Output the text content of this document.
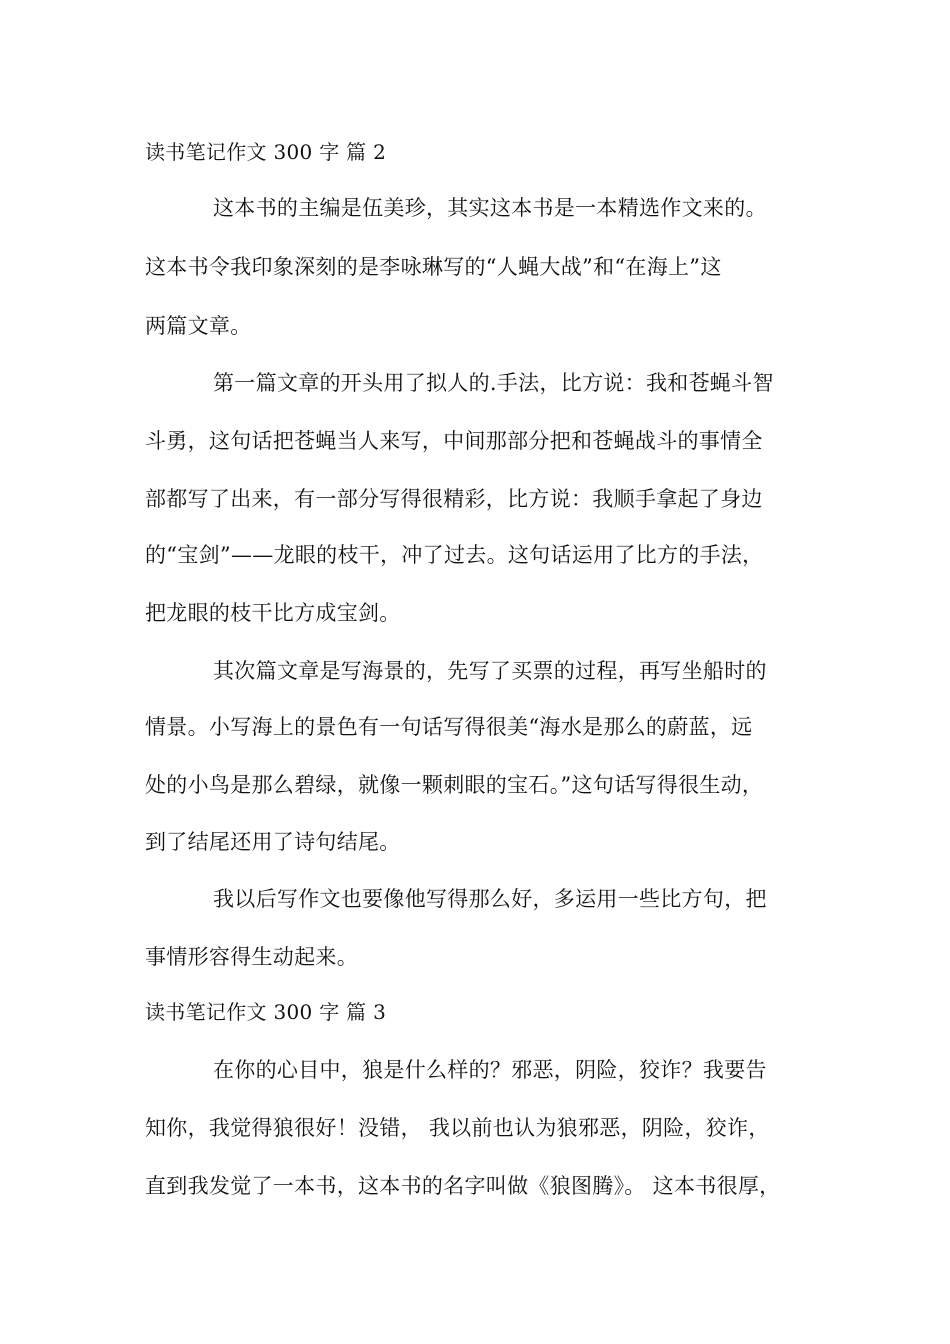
读书笔记作文 300 字 篇 2
这本书的主编是伍美珍，其实这本书是一本精选作文来的。
这本书令我印象深刻的是李咏琳写的“人蝇大战”和“在海上”这
两篇文章。
第一篇文章的开头用了拟人的.手法，比方说：我和苍蝇斗智
斗勇，这句话把苍蝇当人来写，中间那部分把和苍蝇战斗的事情全
部都写了出来，有一部分写得很精彩，比方说：我顺手拿起了身边
的“宝剑”——龙眼的枝干，冲了过去。这句话运用了比方的手法，
把龙眼的枝干比方成宝剑。
其次篇文章是写海景的，先写了买票的过程，再写坐船时的
情景。小写海上的景色有一句话写得很美“海水是那么的蔚蓝，远
处的小鸟是那么碧绿，就像一颗刺眼的宝石。”这句话写得很生动，
到了结尾还用了诗句结尾。
我以后写作文也要像他写得那么好，多运用一些比方句，把
事情形容得生动起来。
读书笔记作文 300 字 篇 3
在你的心目中，狼是什么样的？邪恶，阴险，狡诈？我要告
知你，我觉得狼很好！没错， 我以前也认为狼邪恶，阴险，狡诈，
直到我发觉了一本书，这本书的名字叫做《狼图腾》。 这本书很厚，
